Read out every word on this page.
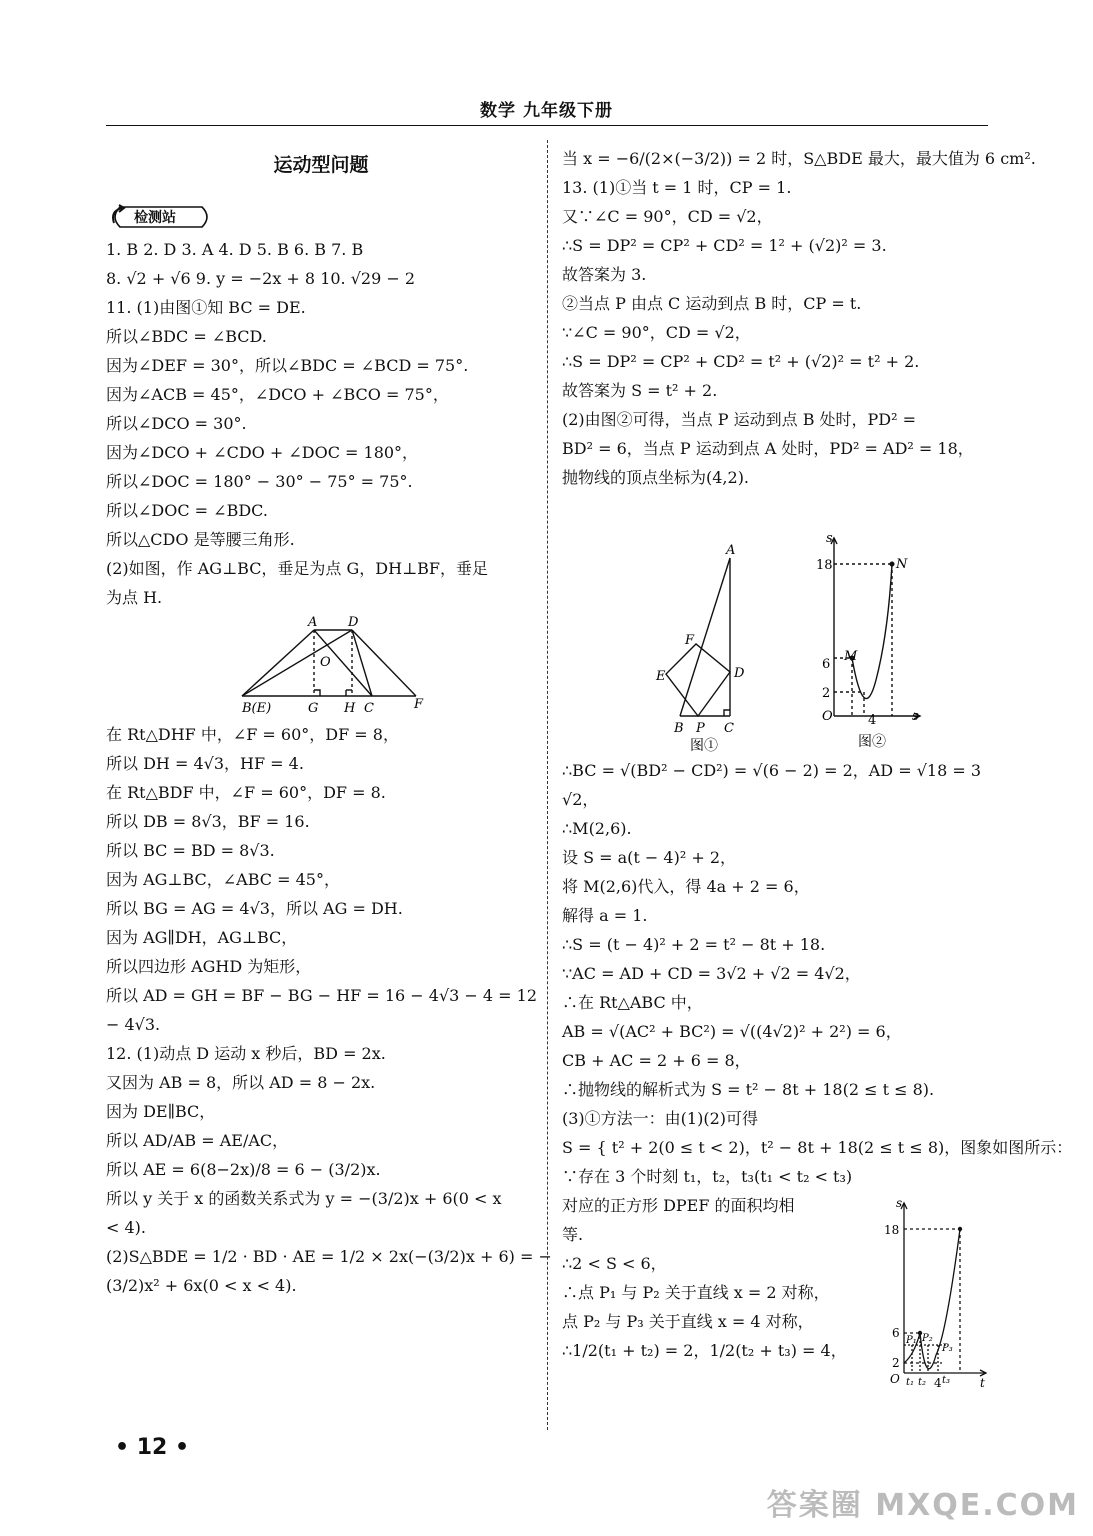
数学 九年级下册
运动型问题
检测站
1. B 2. D 3. A 4. D 5. B 6. B 7. B
8. √2 + √6 9. y = −2x + 8 10. √29 − 2
11. (1)由图①知 BC = DE.
所以∠BDC = ∠BCD.
因为∠DEF = 30°，所以∠BDC = ∠BCD = 75°.
因为∠ACB = 45°，∠DCO + ∠BCO = 75°，
所以∠DCO = 30°.
因为∠DCO + ∠CDO + ∠DOC = 180°，
所以∠DOC = 180° − 30° − 75° = 75°.
所以∠DOC = ∠BDC.
所以△CDO 是等腰三角形.
(2)如图，作 AG⊥BC，垂足为点 G，DH⊥BF，垂足
为点 H.
A D
O
B(E)	G H C	F
在 Rt△DHF 中，∠F = 60°，DF = 8，
所以 DH = 4√3，HF = 4.
在 Rt△BDF 中，∠F = 60°，DF = 8.
所以 DB = 8√3，BF = 16.
所以 BC = BD = 8√3.
因为 AG⊥BC，∠ABC = 45°，
所以 BG = AG = 4√3，所以 AG = DH.
因为 AG∥DH，AG⊥BC，
所以四边形 AGHD 为矩形，
所以 AD = GH = BF − BG − HF = 16 − 4√3 − 4 = 12
− 4√3.
12. (1)动点 D 运动 x 秒后，BD = 2x.
又因为 AB = 8，所以 AD = 8 − 2x.
因为 DE∥BC，
所以 AD/AB = AE/AC，
所以 AE = 6(8−2x)/8 = 6 − (3/2)x.
所以 y 关于 x 的函数关系式为 y = −(3/2)x + 6(0 < x
< 4).
(2)S△BDE = 1/2 · BD · AE = 1/2 × 2x(−(3/2)x + 6) = −
(3/2)x² + 6x(0 < x < 4).
当 x = −6/(2×(−3/2)) = 2 时，S△BDE 最大，最大值为 6 cm².
13. (1)①当 t = 1 时，CP = 1.
又∵∠C = 90°，CD = √2，
∴S = DP² = CP² + CD² = 1² + (√2)² = 3.
故答案为 3.
②当点 P 由点 C 运动到点 B 时，CP = t.
∵∠C = 90°，CD = √2，
∴S = DP² = CP² + CD² = t² + (√2)² = t² + 2.
故答案为 S = t² + 2.
(2)由图②可得，当点 P 运动到点 B 处时，PD² =
BD² = 6，当点 P 运动到点 A 处时，PD² = AD² = 18，
抛物线的顶点坐标为(4,2).
A
F
E	D
B P C
图①
s
18	N
6
M
2
O	4	s
图②
∴BC = √(BD² − CD²) = √(6 − 2) = 2，AD = √18 = 3
√2，
∴M(2,6).
设 S = a(t − 4)² + 2，
将 M(2,6)代入，得 4a + 2 = 6，
解得 a = 1.
∴S = (t − 4)² + 2 = t² − 8t + 18.
∵AC = AD + CD = 3√2 + √2 = 4√2，
∴在 Rt△ABC 中，
AB = √(AC² + BC²) = √((4√2)² + 2²) = 6，
CB + AC = 2 + 6 = 8，
∴抛物线的解析式为 S = t² − 8t + 18(2 ≤ t ≤ 8).
(3)①方法一：由(1)(2)可得
S = { t² + 2(0 ≤ t < 2)，t² − 8t + 18(2 ≤ t ≤ 8)，图象如图所示：
∵存在 3 个时刻 t₁，t₂，t₃(t₁ < t₂ < t₃)
对应的正方形 DPEF 的面积均相
等.
∴2 < S < 6，
∴点 P₁ 与 P₂ 关于直线 x = 2 对称，
点 P₂ 与 P₃ 关于直线 x = 4 对称，
∴1/2(t₁ + t₂) = 2，1/2(t₂ + t₃) = 4，
s
18
6
P₁ P₂
P₃
2
O t₁ t₂ t₃
4	t
• 12 •
答案圈 MXQE.COM
